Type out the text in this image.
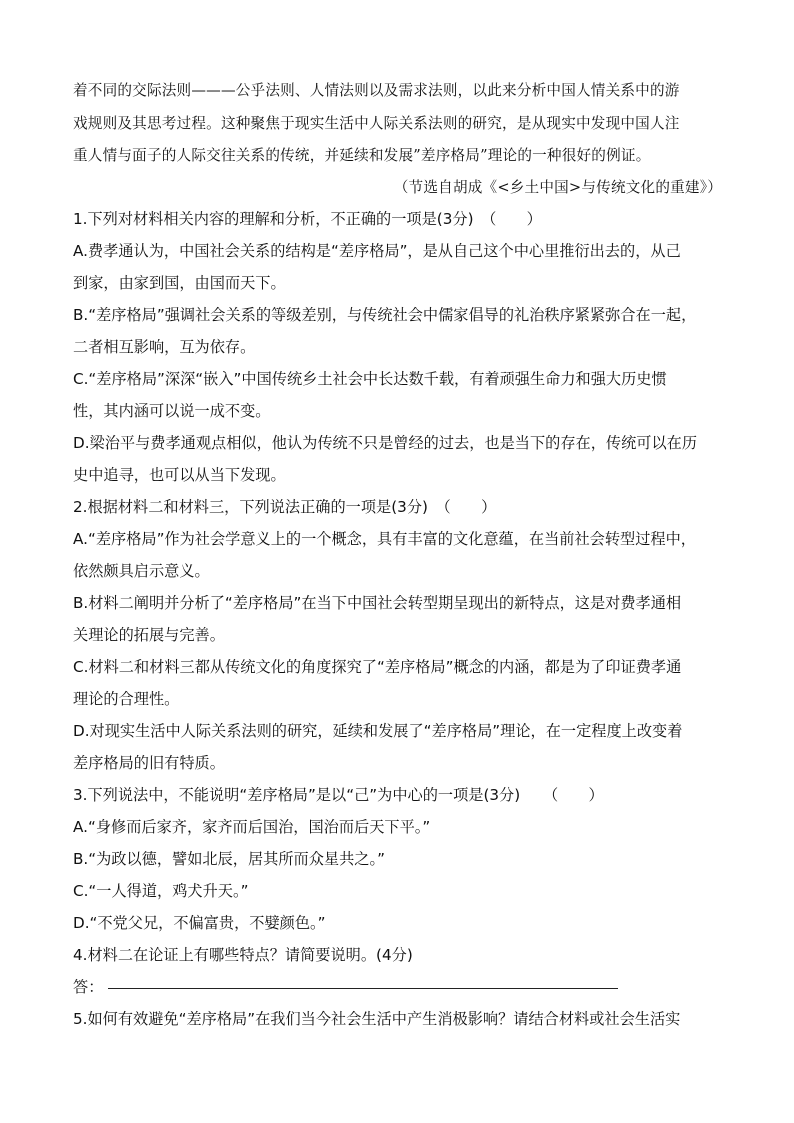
着不同的交际法则———公乎法则、人情法则以及需求法则，以此来分析中国人情关系中的游
戏规则及其思考过程。这种聚焦于现实生活中人际关系法则的研究，是从现实中发现中国人注
重人情与面子的人际交往关系的传统，并延续和发展”差序格局”理论的一种很好的例证。
（节选自胡成《<乡土中国>与传统文化的重建》）
1.下列对材料相关内容的理解和分析，不正确的一项是(3分)　（　　）
A.费孝通认为，中国社会关系的结构是“差序格局”，是从自己这个中心里推衍出去的，从己
到家，由家到国，由国而天下。
B.“差序格局”强调社会关系的等级差别，与传统社会中儒家倡导的礼治秩序紧紧弥合在一起，
二者相互影响，互为依存。
C.“差序格局”深深“嵌入”中国传统乡土社会中长达数千载，有着顽强生命力和强大历史惯
性，其内涵可以说一成不变。
D.梁治平与费孝通观点相似，他认为传统不只是曾经的过去，也是当下的存在，传统可以在历
史中追寻，也可以从当下发现。
2.根据材料二和材料三，下列说法正确的一项是(3分)　（　　）
A.“差序格局”作为社会学意义上的一个概念，具有丰富的文化意蕴，在当前社会转型过程中，
依然颇具启示意义。
B.材料二阐明并分析了“差序格局”在当下中国社会转型期呈现出的新特点，这是对费孝通相
关理论的拓展与完善。
C.材料二和材料三都从传统文化的角度探究了“差序格局”概念的内涵，都是为了印证费孝通
理论的合理性。
D.对现实生活中人际关系法则的研究，延续和发展了“差序格局”理论，在一定程度上改变着
差序格局的旧有特质。
3.下列说法中，不能说明“差序格局”是以“己”为中心的一项是(3分)　　（　　）
A.“身修而后家齐，家齐而后国治，国治而后天下平。”
B.“为政以德，譬如北辰，居其所而众星共之。”
C.“一人得道，鸡犬升天。”
D.“不党父兄，不偏富贵，不嬖颜色。”
4.材料二在论证上有哪些特点？请简要说明。(4分)
答：
5.如何有效避免“差序格局”在我们当今社会生活中产生消极影响？请结合材料或社会生活实
